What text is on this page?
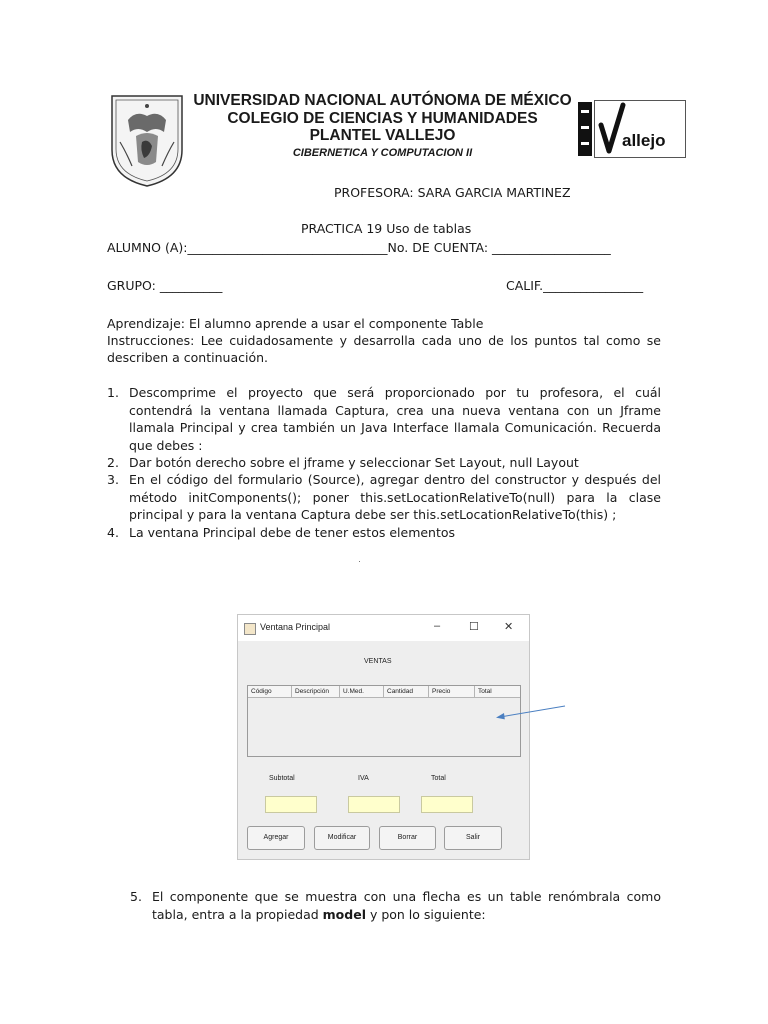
UNIVERSIDAD NACIONAL AUTÓNOMA DE MÉXICO
COLEGIO DE CIENCIAS Y HUMANIDADES
PLANTEL VALLEJO
CIBERNETICA Y COMPUTACION II
allejo
PROFESORA: SARA GARCIA MARTINEZ
PRACTICA 19 Uso de tablas
ALUMNO (A):________________________________No. DE CUENTA: ___________________
GRUPO: __________	CALIF.________________
Aprendizaje: El alumno aprende a usar el componente Table
Instrucciones: Lee cuidadosamente y desarrolla cada uno de los puntos tal como se describen a continuación.
1. Descomprime el proyecto que será proporcionado por tu profesora, el cuál contendrá la ventana llamada Captura, crea una nueva ventana con un Jframe llamala Principal y crea también un Java Interface llamala Comunicación. Recuerda que debes :
2. Dar botón derecho sobre el jframe y seleccionar Set Layout, null Layout
3. En el código del formulario (Source), agregar dentro del constructor y después del método initComponents(); poner this.setLocationRelativeTo(null) para la clase principal y para la ventana Captura debe ser this.setLocationRelativeTo(this) ;
4. La ventana Principal debe de tener estos elementos
Ventana Principal	–	☐ ✕
VENTAS
Código	Descripción	U.Med.	Cantidad	Precio	Total
Subtotal	IVA	Total
Agregar	Modificar	Borrar	Salir
5. El componente que se muestra con una flecha es un table renómbrala como tabla, entra a la propiedad model y pon lo siguiente:
